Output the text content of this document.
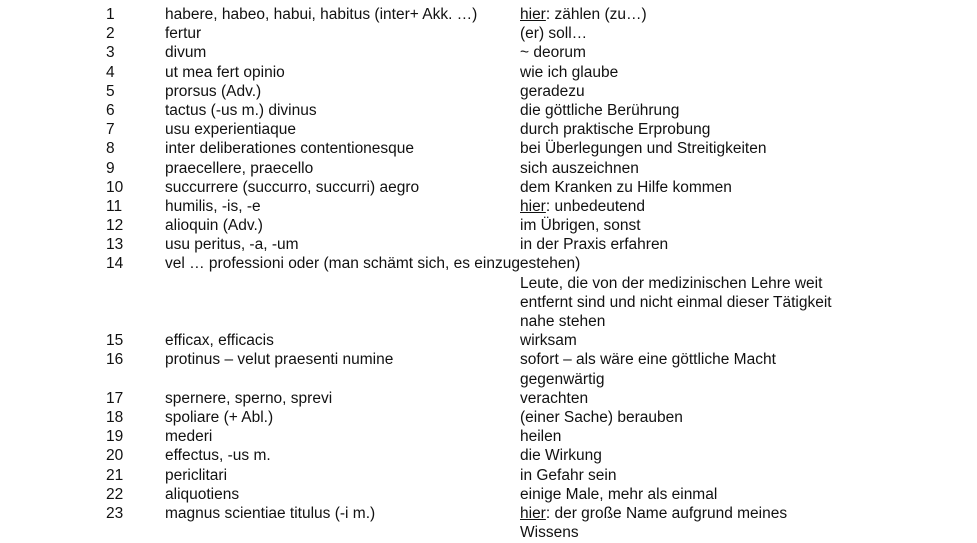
1	habere, habeo, habui, habitus (inter+ Akk. …)	hier: zählen (zu…)
2	fertur	(er) soll…
3	divum	~ deorum
4	ut mea fert opinio	wie ich glaube
5	prorsus (Adv.)	geradezu
6	tactus (-us m.) divinus	die göttliche Berührung
7	usu experientiaque	durch praktische Erprobung
8	inter deliberationes contentionesque	bei Überlegungen und Streitigkeiten
9	praecellere, praecello	sich auszeichnen
10	succurrere (succurro, succurri) aegro	dem Kranken zu Hilfe kommen
11	humilis, -is, -e	hier: unbedeutend
12	alioquin (Adv.)	im Übrigen, sonst
13	usu peritus, -a, -um	in der Praxis erfahren
14	vel … professioni oder (man schämt sich, es einzugestehen)
Leute, die von der medizinischen Lehre weit
entfernt sind und nicht einmal dieser Tätigkeit
nahe stehen
15	efficax, efficacis	wirksam
16	protinus – velut praesenti numine	sofort – als wäre eine göttliche Macht
gegenwärtig
17	spernere, sperno, sprevi	verachten
18	spoliare (+ Abl.)	(einer Sache) berauben
19	mederi	heilen
20	effectus, -us m.	die Wirkung
21	periclitari	in Gefahr sein
22	aliquotiens	einige Male, mehr als einmal
23	magnus scientiae titulus (-i m.)	hier: der große Name aufgrund meines
Wissens
